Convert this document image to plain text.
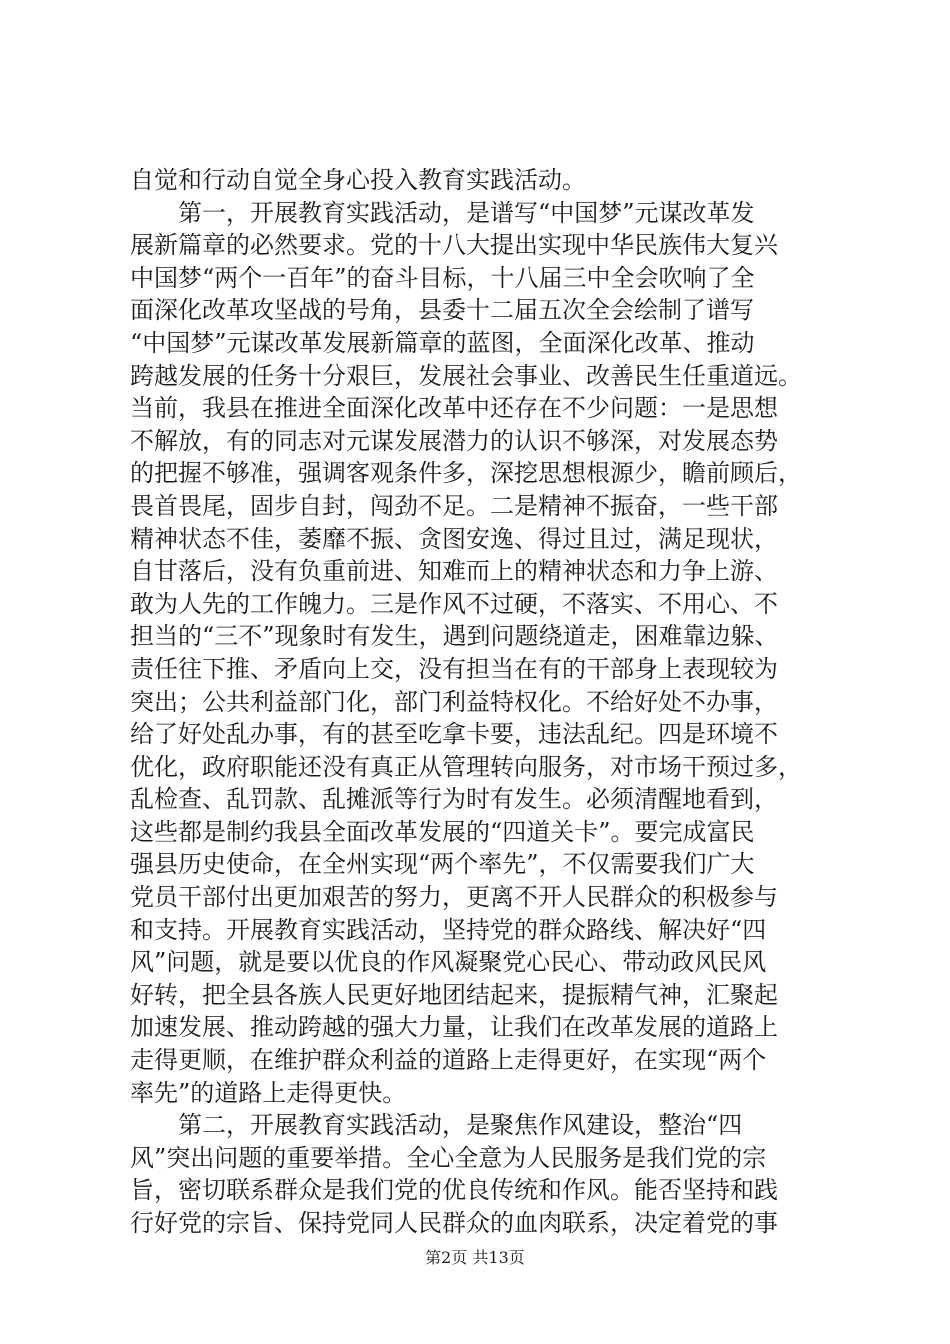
自觉和行动自觉全身心投入教育实践活动。
　　第一，开展教育实践活动，是谱写“中国梦”元谋改革发
展新篇章的必然要求。党的十八大提出实现中华民族伟大复兴
中国梦“两个一百年”的奋斗目标，十八届三中全会吹响了全
面深化改革攻坚战的号角，县委十二届五次全会绘制了谱写
“中国梦”元谋改革发展新篇章的蓝图，全面深化改革、推动
跨越发展的任务十分艰巨，发展社会事业、改善民生任重道远。
当前，我县在推进全面深化改革中还存在不少问题：一是思想
不解放，有的同志对元谋发展潜力的认识不够深，对发展态势
的把握不够准，强调客观条件多，深挖思想根源少，瞻前顾后，
畏首畏尾，固步自封，闯劲不足。二是精神不振奋，一些干部
精神状态不佳，萎靡不振、贪图安逸、得过且过，满足现状，
自甘落后，没有负重前进、知难而上的精神状态和力争上游、
敢为人先的工作魄力。三是作风不过硬，不落实、不用心、不
担当的“三不”现象时有发生，遇到问题绕道走，困难靠边躲、
责任往下推、矛盾向上交，没有担当在有的干部身上表现较为
突出；公共利益部门化，部门利益特权化。不给好处不办事，
给了好处乱办事，有的甚至吃拿卡要，违法乱纪。四是环境不
优化，政府职能还没有真正从管理转向服务，对市场干预过多，
乱检查、乱罚款、乱摊派等行为时有发生。必须清醒地看到，
这些都是制约我县全面改革发展的“四道关卡”。要完成富民
强县历史使命，在全州实现“两个率先”，不仅需要我们广大
党员干部付出更加艰苦的努力，更离不开人民群众的积极参与
和支持。开展教育实践活动，坚持党的群众路线、解决好“四
风”问题，就是要以优良的作风凝聚党心民心、带动政风民风
好转，把全县各族人民更好地团结起来，提振精气神，汇聚起
加速发展、推动跨越的强大力量，让我们在改革发展的道路上
走得更顺，在维护群众利益的道路上走得更好，在实现“两个
率先”的道路上走得更快。
　　第二，开展教育实践活动，是聚焦作风建设，整治“四
风”突出问题的重要举措。全心全意为人民服务是我们党的宗
旨，密切联系群众是我们党的优良传统和作风。能否坚持和践
行好党的宗旨、保持党同人民群众的血肉联系，决定着党的事
第2页 共13页
